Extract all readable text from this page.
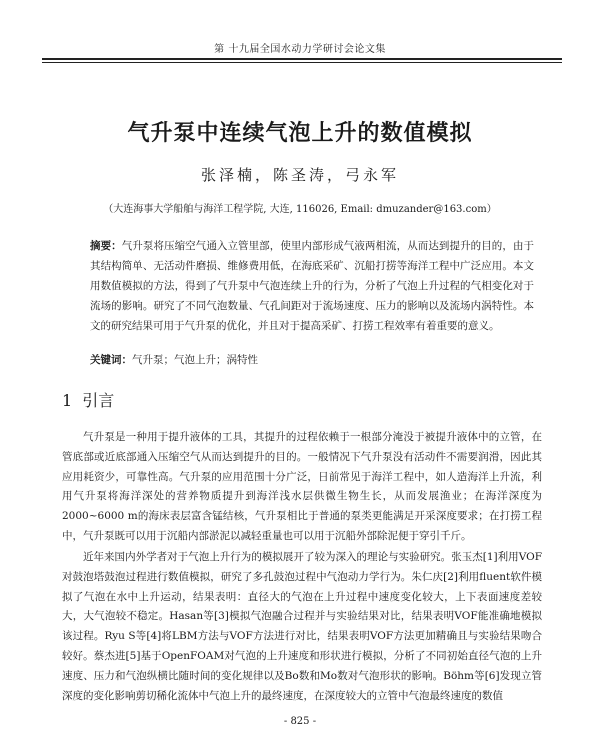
第 十九届全国水动力学研讨会论文集
气升泵中连续气泡上升的数值模拟
张泽楠，陈圣涛，弓永军
（大连海事大学船舶与海洋工程学院, 大连, 116026, Email: dmuzander@163.com）
摘要：气升泵将压缩空气通入立管里部，使里内部形成气液两相流，从而达到提升的目的，由于其结构简单、无活动件磨损、维修费用低，在海底采矿、沉船打捞等海洋工程中广泛应用。本文用数值模拟的方法，得到了气升泵中气泡连续上升的行为，分析了气泡上升过程的气相变化对于流场的影响。研究了不同气泡数量、气孔间距对于流场速度、压力的影响以及流场内涡特性。本文的研究结果可用于气升泵的优化，并且对于提高采矿、打捞工程效率有着重要的意义。
关键词：气升泵；气泡上升；涡特性
1 引言

气升泵是一种用于提升液体的工具，其提升的过程依赖于一根部分淹没于被提升液体中的立管，在管底部或近底部通入压缩空气从而达到提升的目的。一般情况下气升泵没有活动件不需要润滑，因此其应用耗资少，可靠性高。气升泵的应用范围十分广泛，日前常见于海洋工程中，如人造海洋上升流，利用气升泵将海洋深处的营养物质提升到海洋浅水层供微生物生长，从而发展渔业；在海洋深度为2000~6000 m的海床表层富含锰结核，气升泵相比于普通的泵类更能满足开采深度要求；在打捞工程中，气升泵既可以用于沉船内部淤泥以减轻重量也可以用于沉船外部除泥便于穿引千斤。

近年来国内外学者对于气泡上升行为的模拟展开了较为深入的理论与实验研究。张玉杰[1]利用VOF对鼓泡塔鼓泡过程进行数值模拟，研究了多孔鼓泡过程中气泡动力学行为。朱仁庆[2]利用fluent软件模拟了气泡在水中上升运动，结果表明：直径大的气泡在上升过程中速度变化较大，上下表面速度差较大，大气泡较不稳定。Hasan等[3]模拟气泡融合过程并与实验结果对比，结果表明VOF能准确地模拟该过程。Ryu S等[4]将LBM方法与VOF方法进行对比，结果表明VOF方法更加精确且与实验结果吻合较好。蔡杰进[5]基于OpenFOAM对气泡的上升速度和形状进行模拟，分析了不同初始直径气泡的上升速度、压力和气泡纵横比随时间的变化规律以及Bo数和Mo数对气泡形状的影响。Böhm等[6]发现立管深度的变化影响剪切稀化流体中气泡上升的最终速度，在深度较大的立管中气泡最终速度的数值

- 825 -
